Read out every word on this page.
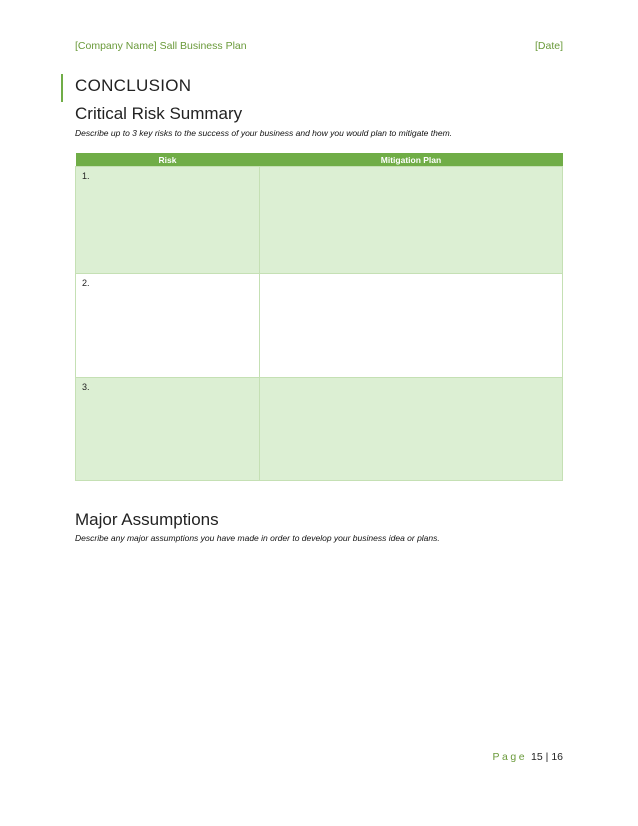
[Company Name] Sall Business Plan	[Date]
CONCLUSION
Critical Risk Summary
Describe up to 3 key risks to the success of your business and how you would plan to mitigate them.
Risk	Mitigation Plan
1.	
2.	
3.	
Major Assumptions
Describe any major assumptions you have made in order to develop your business idea or plans.
Page 15 | 16
